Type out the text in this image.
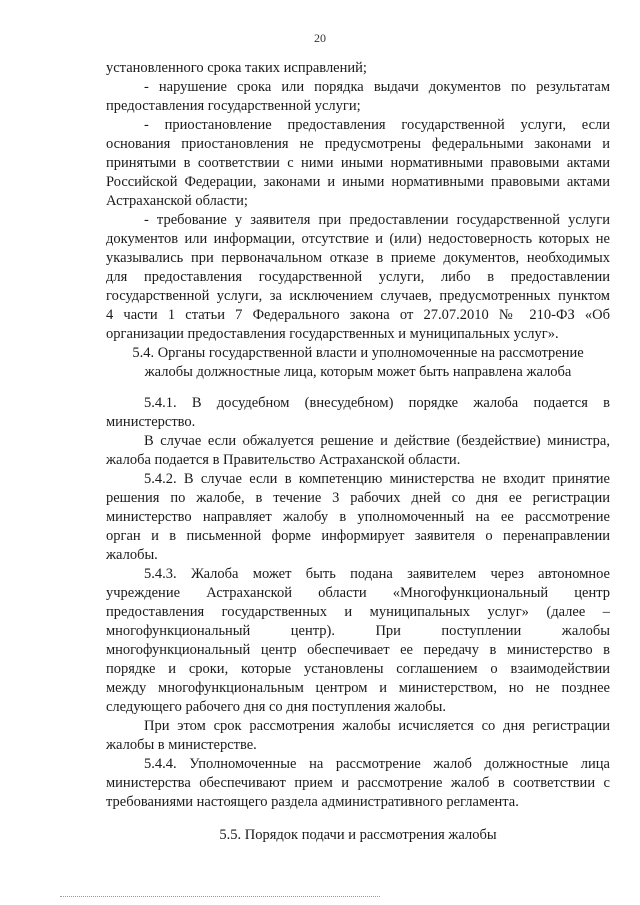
20
установленного срока таких исправлений;
- нарушение срока или порядка выдачи документов по результатам
предоставления государственной услуги;
- приостановление предоставления государственной услуги, если
основания приостановления не предусмотрены федеральными законами и
принятыми в соответствии с ними иными нормативными правовыми актами
Российской Федерации, законами и иными нормативными правовыми актами
Астраханской области;
- требование у заявителя при предоставлении государственной услуги
документов или информации, отсутствие и (или) недостоверность которых не
указывались при первоначальном отказе в приеме документов, необходимых
для предоставления государственной услуги, либо в предоставлении
государственной услуги, за исключением случаев, предусмотренных пунктом
4 части 1 статьи 7 Федерального закона от 27.07.2010 № 210-ФЗ «Об
организации предоставления государственных и муниципальных услуг».
5.4. Органы государственной власти и уполномоченные на рассмотрение
жалобы должностные лица, которым может быть направлена жалоба
5.4.1. В досудебном (внесудебном) порядке жалоба подается в
министерство.
В случае если обжалуется решение и действие (бездействие) министра,
жалоба подается в Правительство Астраханской области.
5.4.2. В случае если в компетенцию министерства не входит принятие
решения по жалобе, в течение 3 рабочих дней со дня ее регистрации
министерство направляет жалобу в уполномоченный на ее рассмотрение
орган и в письменной форме информирует заявителя о перенаправлении
жалобы.
5.4.3. Жалоба может быть подана заявителем через автономное
учреждение Астраханской области «Многофункциональный центр
предоставления государственных и муниципальных услуг» (далее –
многофункциональный центр). При поступлении жалобы
многофункциональный центр обеспечивает ее передачу в министерство в
порядке и сроки, которые установлены соглашением о взаимодействии
между многофункциональным центром и министерством, но не позднее
следующего рабочего дня со дня поступления жалобы.
При этом срок рассмотрения жалобы исчисляется со дня регистрации
жалобы в министерстве.
5.4.4. Уполномоченные на рассмотрение жалоб должностные лица
министерства обеспечивают прием и рассмотрение жалоб в соответствии с
требованиями настоящего раздела административного регламента.
5.5. Порядок подачи и рассмотрения жалобы
